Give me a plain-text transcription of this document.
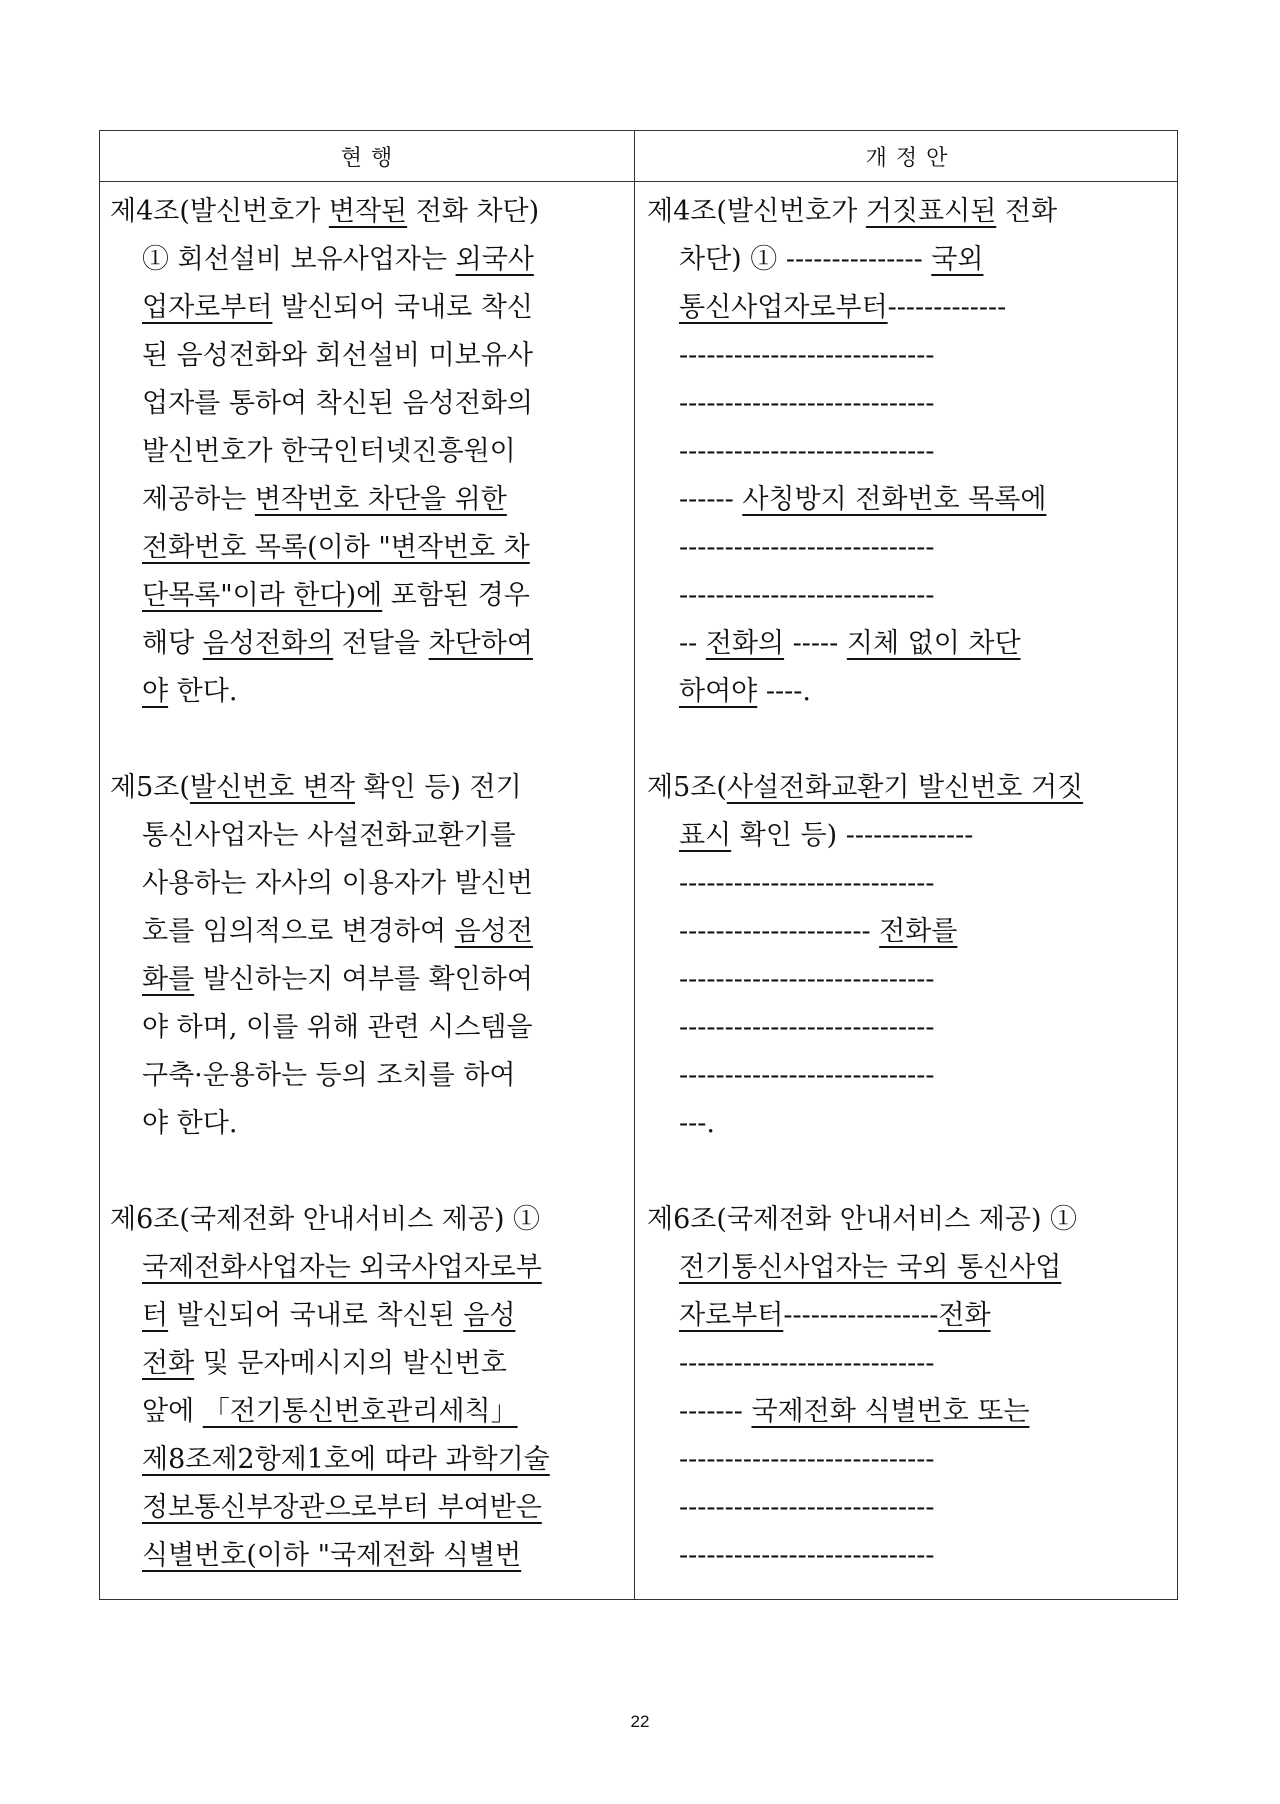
현 행	개 정 안
제4조(발신번호가 변작된 전화 차단)
① 회선설비 보유사업자는 외국사
업자로부터 발신되어 국내로 착신
된 음성전화와 회선설비 미보유사
업자를 통하여 착신된 음성전화의
발신번호가 한국인터넷진흥원이
제공하는 변작번호 차단을 위한
전화번호 목록(이하 "변작번호 차
단목록"이라 한다)에 포함된 경우
해당 음성전화의 전달을 차단하여
야 한다.
제5조(발신번호 변작 확인 등) 전기
통신사업자는 사설전화교환기를
사용하는 자사의 이용자가 발신번
호를 임의적으로 변경하여 음성전
화를 발신하는지 여부를 확인하여
야 하며, 이를 위해 관련 시스템을
구축·운용하는 등의 조치를 하여
야 한다.
제6조(국제전화 안내서비스 제공) ①
국제전화사업자는 외국사업자로부
터 발신되어 국내로 착신된 음성
전화 및 문자메시지의 발신번호
앞에 「전기통신번호관리세칙」
제8조제2항제1호에 따라 과학기술
정보통신부장관으로부터 부여받은
식별번호(이하 "국제전화 식별번
제4조(발신번호가 거짓표시된 전화
차단) ① --------------- 국외
통신사업자로부터-------------
----------------------------
----------------------------
----------------------------
------ 사칭방지 전화번호 목록에
----------------------------
----------------------------
-- 전화의 ----- 지체 없이 차단
하여야 ----.
제5조(사설전화교환기 발신번호 거짓
표시 확인 등) --------------
----------------------------
--------------------- 전화를
----------------------------
----------------------------
----------------------------
---.
제6조(국제전화 안내서비스 제공) ①
전기통신사업자는 국외 통신사업
자로부터-----------------전화
----------------------------
------- 국제전화 식별번호 또는
----------------------------
----------------------------
----------------------------
22
